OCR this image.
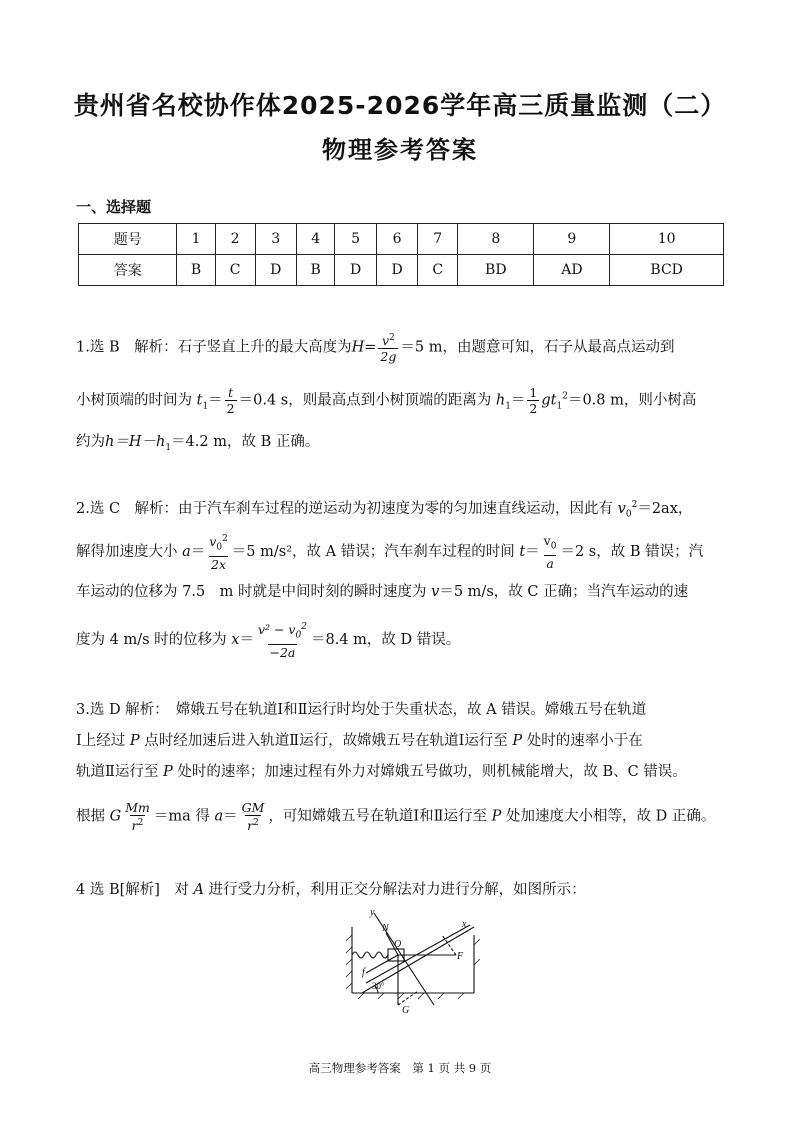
贵州省名校协作体2025-2026学年高三质量监测（二）
物理参考答案
一、选择题
题号	1	2	3	4	5	6	7	8	9	10
答案	B	C	D	B	D	D	C	BD	AD	BCD
1.选 B　解析：石子竖直上升的最大高度为$H= \frac{v^2}{2g} =5$ m，由题意可知，石子从最高点运动到
小树顶端的时间为 $t_1= \frac{t}{2} =0.4$ s，则最高点到小树顶端的距离为 $h_1= \frac{1}{2} gt_1^2=0.8$ m，则小树高
约为$h=H-h_1=4.2$ m，故 B 正确。
2.选 C　解析：由于汽车刹车过程的逆运动为初速度为零的匀加速直线运动，因此有 $v_0^2=2ax$，
解得加速度大小 $a= \frac{v_0^2}{2x} =5$ m/s²，故 A 错误；汽车刹车过程的时间 $t= \frac{v_0}{a} =2$ s，故 B 错误；汽
车运动的位移为 7.5　m 时就是中间时刻的瞬时速度为 v＝5 m/s，故 C 正确；当汽车运动的速
度为 4 m/s 时的位移为 $x= \frac{v^2 - v_0^2}{-2a} =8.4$ m，故 D 错误。
3.选 D 解析：　嫦娥五号在轨道Ⅰ和Ⅱ运行时均处于失重状态，故 A 错误。嫦娥五号在轨道
Ⅰ上经过 P 点时经加速后进入轨道Ⅱ运行，故嫦娥五号在轨道Ⅰ运行至 P 处时的速率小于在
轨道Ⅱ运行至 P 处时的速率；加速过程有外力对嫦娥五号做功，则机械能增大，故 B、C 错误。
根据 G $\frac{Mm}{r^2} =ma$ 得 $a= \frac{GM}{r^2}$ ，可知嫦娥五号在轨道Ⅰ和Ⅱ运行至 P 处加速度大小相等，故 D 正确。
4 选 B[解析]　对 A 进行受力分析，利用正交分解法对力进行分解，如图所示：
y
N
O
x
F
f
30°
G
高三物理参考答案 第 1 页 共 9 页
